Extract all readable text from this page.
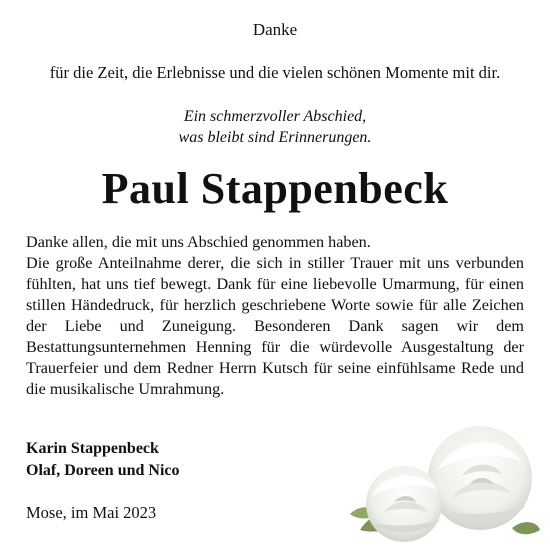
Danke
für die Zeit, die Erlebnisse und die vielen schönen Momente mit dir.
Ein schmerzvoller Abschied,
was bleibt sind Erinnerungen.
Paul Stappenbeck

Danke allen, die mit uns Abschied genommen haben.

Die große Anteilnahme derer, die sich in stiller Trauer mit uns verbunden fühlten, hat uns tief bewegt. Dank für eine liebevolle Umarmung, für einen stillen Händedruck, für herzlich geschriebene Worte sowie für alle Zeichen der Liebe und Zuneigung. Besonderen Dank sagen wir dem Bestattungsunternehmen Henning für die würdevolle Ausgestaltung der Trauerfeier und dem Redner Herrn Kutsch für seine einfühlsame Rede und die musikalische Umrahmung.

Karin Stappenbeck
Olaf, Doreen und Nico
Mose, im Mai 2023
